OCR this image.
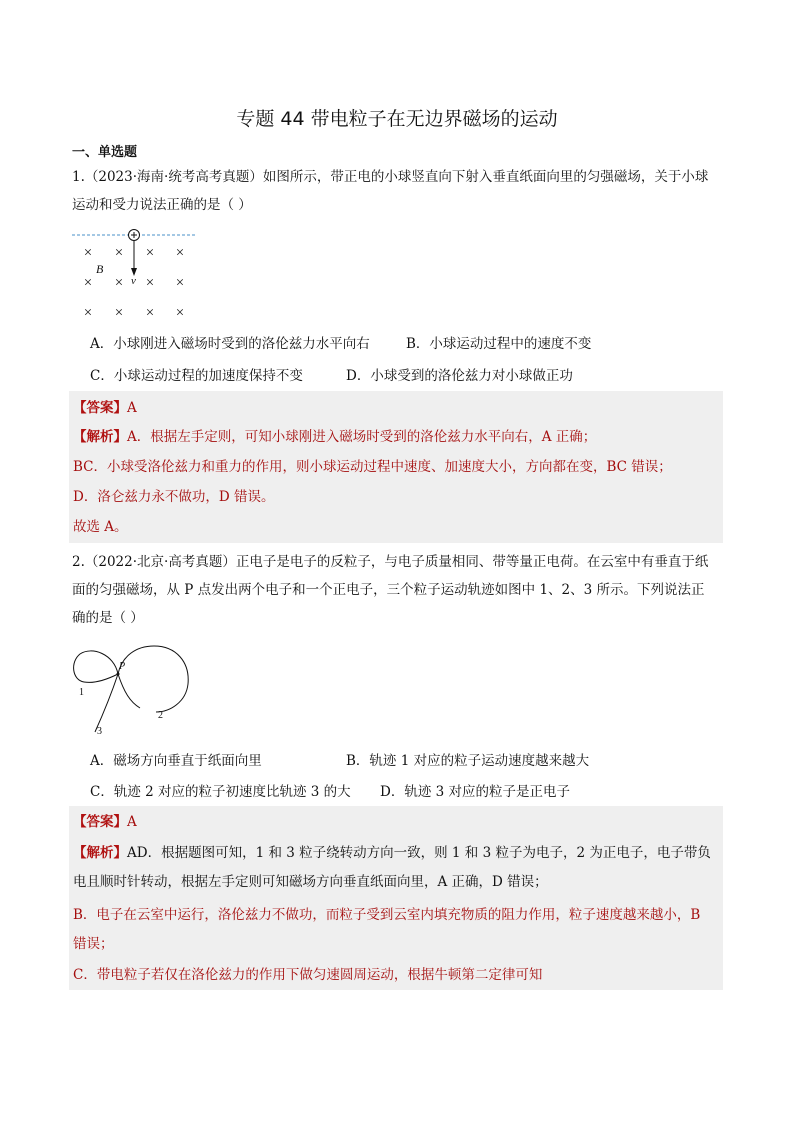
专题 44 带电粒子在无边界磁场的运动
一、单选题
1.（2023·海南·统考高考真题）如图所示，带正电的小球竖直向下射入垂直纸面向里的匀强磁场，关于小球
运动和受力说法正确的是（ ）
× × × ×
× × × ×
× × × ×
B
v
A．小球刚进入磁场时受到的洛伦兹力水平向右	B．小球运动过程中的速度不变
C．小球运动过程的加速度保持不变	D．小球受到的洛伦兹力对小球做正功
【答案】A
【解析】A．根据左手定则，可知小球刚进入磁场时受到的洛伦兹力水平向右，A 正确；
BC．小球受洛伦兹力和重力的作用，则小球运动过程中速度、加速度大小，方向都在变，BC 错误；
D．洛仑兹力永不做功，D 错误。
故选 A。
2.（2022·北京·高考真题）正电子是电子的反粒子，与电子质量相同、带等量正电荷。在云室中有垂直于纸
面的匀强磁场，从 P 点发出两个电子和一个正电子，三个粒子运动轨迹如图中 1、2、3 所示。下列说法正
确的是（ ）
P
1
2
3
A．磁场方向垂直于纸面向里	B．轨迹 1 对应的粒子运动速度越来越大
C．轨迹 2 对应的粒子初速度比轨迹 3 的大 D．轨迹 3 对应的粒子是正电子
【答案】A
【解析】AD．根据题图可知，1 和 3 粒子绕转动方向一致，则 1 和 3 粒子为电子，2 为正电子，电子带负
电且顺时针转动，根据左手定则可知磁场方向垂直纸面向里，A 正确，D 错误；
B．电子在云室中运行，洛伦兹力不做功，而粒子受到云室内填充物质的阻力作用，粒子速度越来越小，B
错误；
C．带电粒子若仅在洛伦兹力的作用下做匀速圆周运动，根据牛顿第二定律可知
